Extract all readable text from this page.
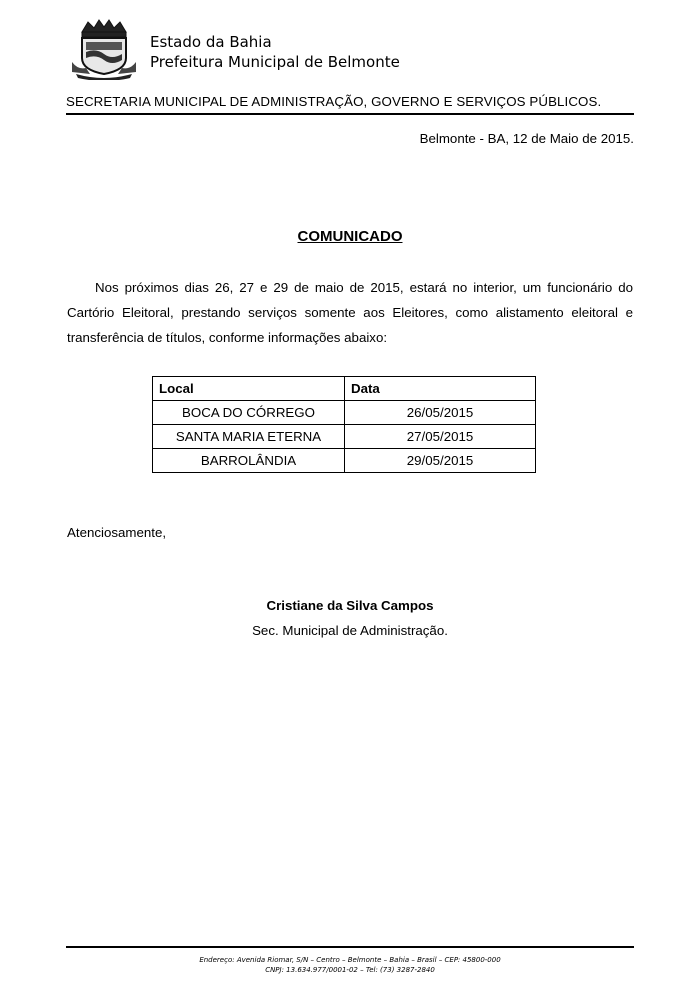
Estado da Bahia
Prefeitura Municipal de Belmonte
SECRETARIA MUNICIPAL DE ADMINISTRAÇÃO, GOVERNO E SERVIÇOS PÚBLICOS.
Belmonte - BA, 12 de Maio de 2015.
COMUNICADO
Nos próximos dias 26, 27 e 29 de maio de 2015, estará no interior, um funcionário do Cartório Eleitoral, prestando serviços somente aos Eleitores, como alistamento eleitoral e transferência de títulos, conforme informações abaixo:
Local	Data
BOCA DO CÓRREGO	26/05/2015
SANTA MARIA ETERNA	27/05/2015
BARROLÂNDIA	29/05/2015
Atenciosamente,
Cristiane da Silva Campos
Sec. Municipal de Administração.
Endereço: Avenida Riomar, S/N – Centro – Belmonte – Bahia – Brasil – CEP: 45800-000
CNPJ: 13.634.977/0001-02 – Tel: (73) 3287-2840
